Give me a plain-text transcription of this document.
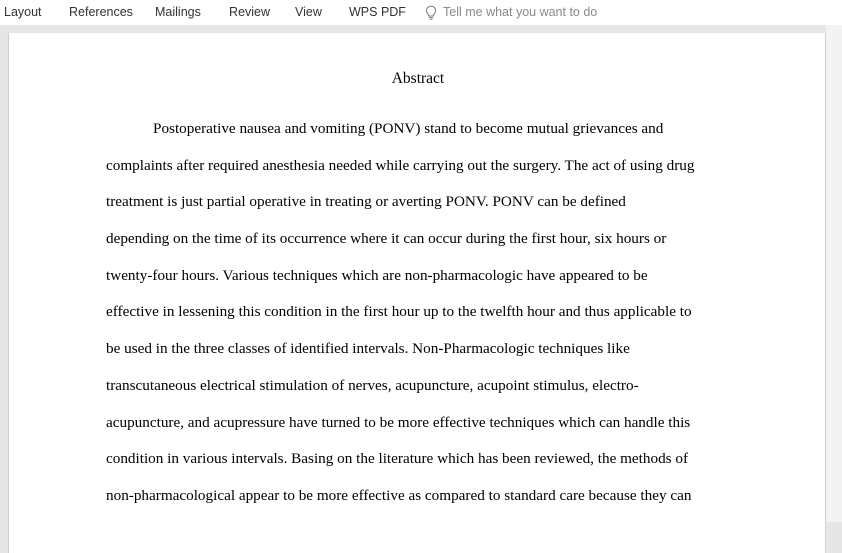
Layout References Mailings Review View WPS PDF	Tell me what you want to do
Abstract
Postoperative nausea and vomiting (PONV) stand to become mutual grievances and
complaints after required anesthesia needed while carrying out the surgery. The act of using drug
treatment is just partial operative in treating or averting PONV. PONV can be defined
depending on the time of its occurrence where it can occur during the first hour, six hours or
twenty-four hours. Various techniques which are non-pharmacologic have appeared to be
effective in lessening this condition in the first hour up to the twelfth hour and thus applicable to
be used in the three classes of identified intervals. Non-Pharmacologic techniques like
transcutaneous electrical stimulation of nerves, acupuncture, acupoint stimulus, electro-
acupuncture, and acupressure have turned to be more effective techniques which can handle this
condition in various intervals. Basing on the literature which has been reviewed, the methods of
non-pharmacological appear to be more effective as compared to standard care because they can
